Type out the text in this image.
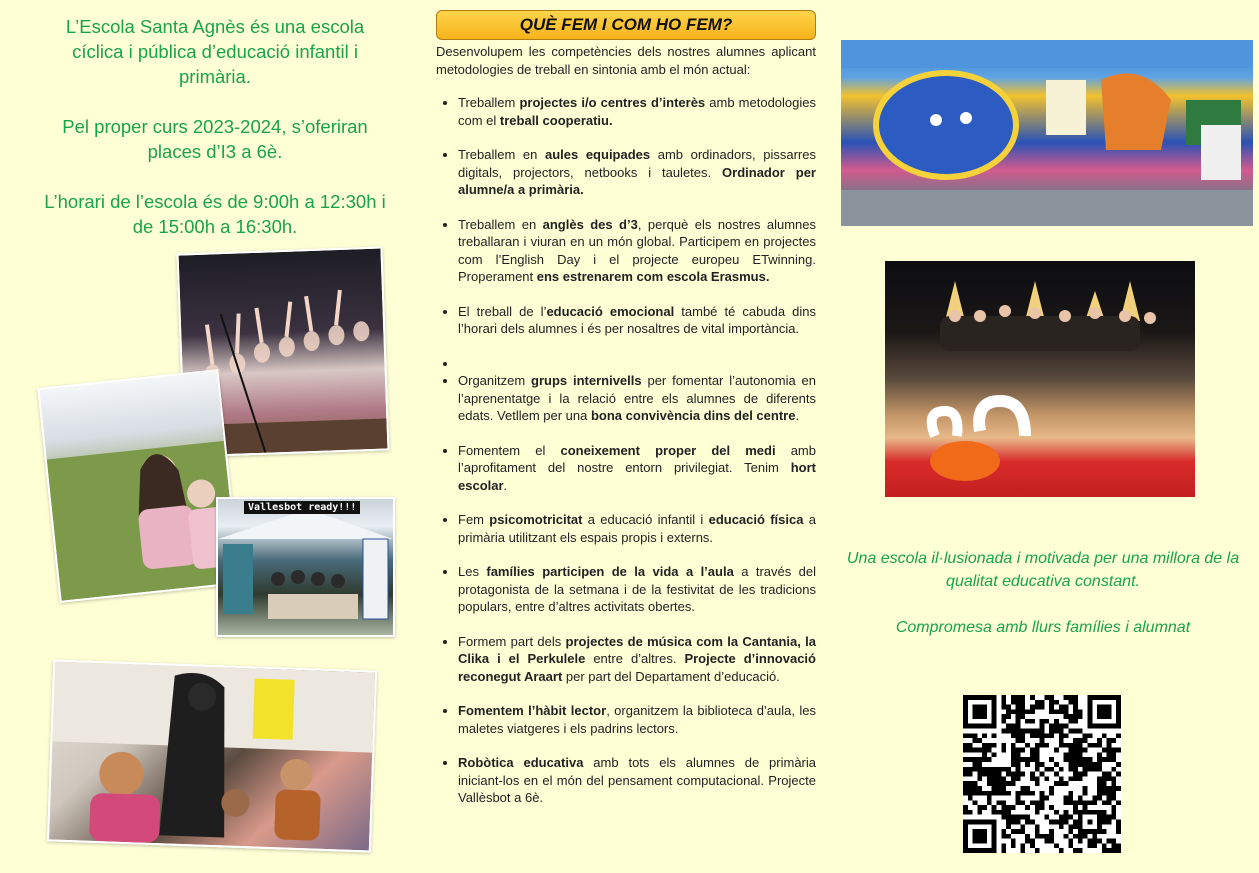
L’Escola Santa Agnès és una escola cíclica i pública d’educació infantil i primària.

Pel proper curs 2023-2024, s’oferiran places d’I3 a 6è.

L’horari de l’escola és de 9:00h a 12:30h i de 15:00h a 16:30h.

Vallesbot ready!!!
QUÈ FEM I COM HO FEM?
Desenvolupem les competències dels nostres alumnes aplicant metodologies de treball en sintonia amb el món actual:
• Treballem projectes i/o centres d’interès amb metodologies com el treball cooperatiu.
• Treballem en aules equipades amb ordinadors, pissarres digitals, projectors, netbooks i tauletes. Ordinador per alumne/a a primària.
• Treballem en anglès des d’3, perquè els nostres alumnes treballaran i viuran en un món global. Participem en projectes com l’English Day i el projecte europeu ETwinning. Properament ens estrenarem com escola Erasmus.
• El treball de l’educació emocional també té cabuda dins l’horari dels alumnes i és per nosaltres de vital importància.
•
• Organitzem grups internivells per fomentar l’autonomia en l’aprenentatge i la relació entre els alumnes de diferents edats. Vetllem per una bona convivència dins del centre.
• Fomentem el coneixement proper del medi amb l’aprofitament del nostre entorn privilegiat. Tenim hort escolar.
• Fem psicomotricitat a educació infantil i educació física a primària utilitzant els espais propis i externs.
• Les famílies participen de la vida a l’aula a través del protagonista de la setmana i de la festivitat de les tradicions populars, entre d’altres activitats obertes.
• Formem part dels projectes de música com la Cantania, la Clika i el Perkulele entre d’altres. Projecte d’innovació reconegut Araart per part del Departament d’educació.
• Fomentem l’hàbit lector, organitzem la biblioteca d’aula, les maletes viatgeres i els padrins lectors.
• Robòtica educativa amb tots els alumnes de primària iniciant-los en el món del pensament computacional. Projecte Vallèsbot a 6è.

Una escola il·lusionada i motivada per una millora de la qualitat educativa constant.

Compromesa amb llurs famílies i alumnat
